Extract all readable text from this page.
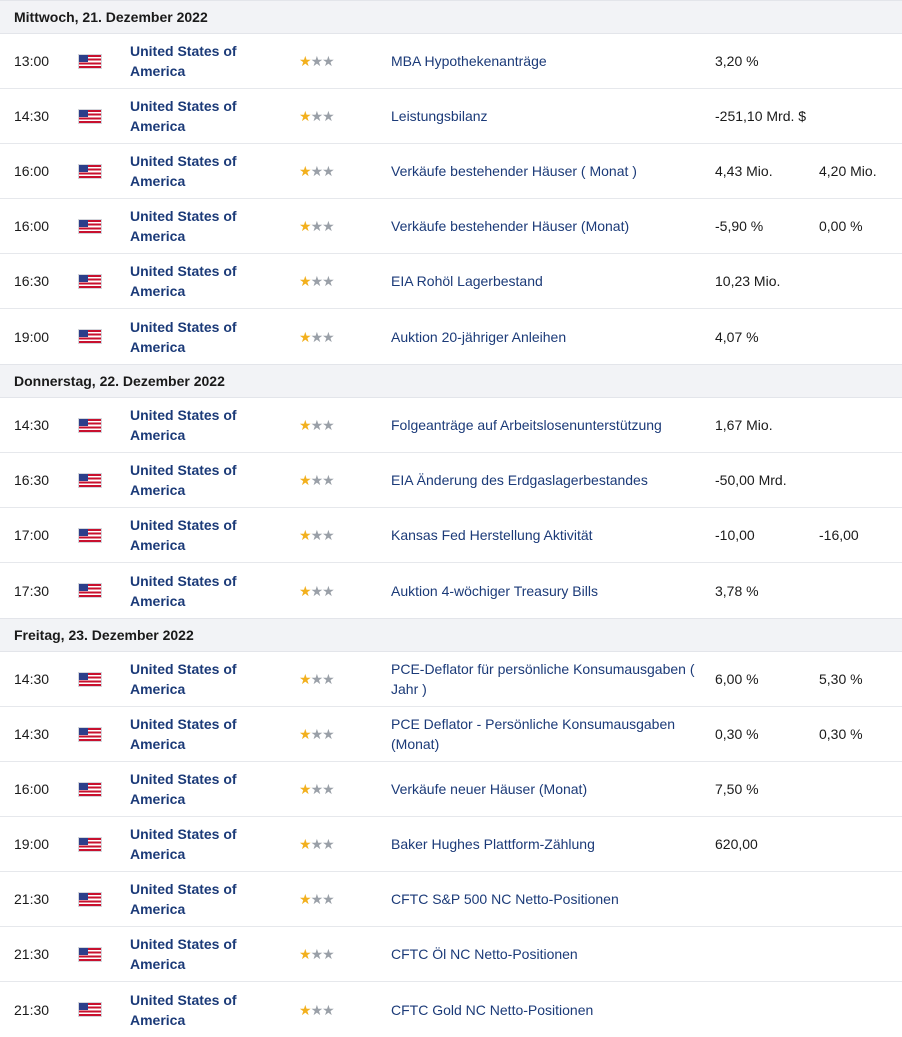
Mittwoch, 21. Dezember 2022
13:00
United States of America
★ ★ ★	MBA Hypothekenanträge	3,20 %
14:30
United States of America
★ ★ ★	Leistungsbilanz	-251,10 Mrd. $
16:00
United States of America
★ ★ ★	Verkäufe bestehender Häuser ( Monat )	4,43 Mio.	4,20 Mio.
16:00
United States of America
★ ★ ★	Verkäufe bestehender Häuser (Monat)	-5,90 %	0,00 %
16:30
United States of America
★ ★ ★	EIA Rohöl Lagerbestand	10,23 Mio.
19:00
United States of America
★ ★ ★	Auktion 20-jähriger Anleihen	4,07 %
Donnerstag, 22. Dezember 2022
14:30
United States of America
★ ★ ★	Folgeanträge auf Arbeitslosenunterstützung	1,67 Mio.
16:30
United States of America
★ ★ ★	EIA Änderung des Erdgaslagerbestandes	-50,00 Mrd.
17:00
United States of America
★ ★ ★	Kansas Fed Herstellung Aktivität	-10,00	-16,00
17:30
United States of America
★ ★ ★	Auktion 4-wöchiger Treasury Bills	3,78 %
Freitag, 23. Dezember 2022
14:30
United States of America
★ ★ ★
PCE-Deflator für persönliche Konsumausgaben ( Jahr )
6,00 %	5,30 %
14:30
United States of America
★ ★ ★
PCE Deflator - Persönliche Konsumausgaben (Monat)
0,30 %	0,30 %
16:00
United States of America
★ ★ ★	Verkäufe neuer Häuser (Monat)	7,50 %
19:00
United States of America
★ ★ ★	Baker Hughes Plattform-Zählung	620,00
21:30
United States of America
★ ★ ★	CFTC S&P 500 NC Netto-Positionen
21:30
United States of America
★ ★ ★	CFTC Öl NC Netto-Positionen
21:30
United States of America
★ ★ ★	CFTC Gold NC Netto-Positionen
